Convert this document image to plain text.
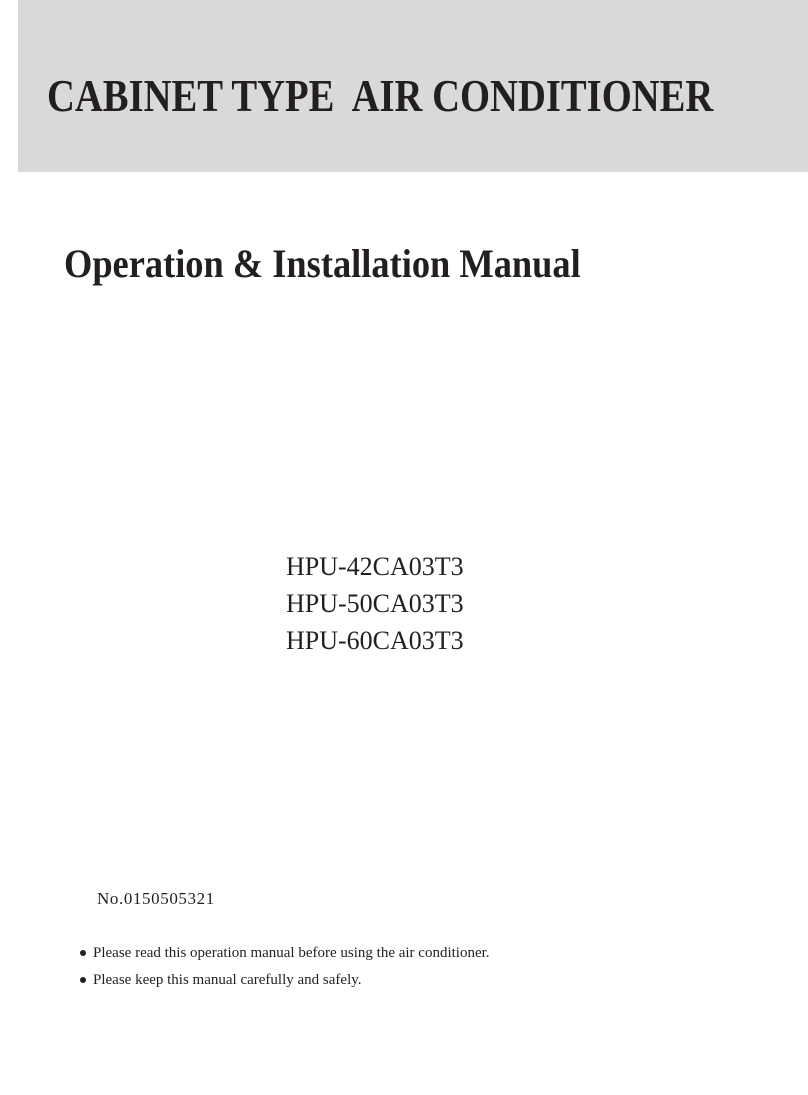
CABINET TYPE  AIR CONDITIONER
Operation & Installation Manual
HPU-42CA03T3
HPU-50CA03T3
HPU-60CA03T3
No.0150505321
Please read this operation manual before using the air conditioner.
Please keep this manual carefully and safely.
